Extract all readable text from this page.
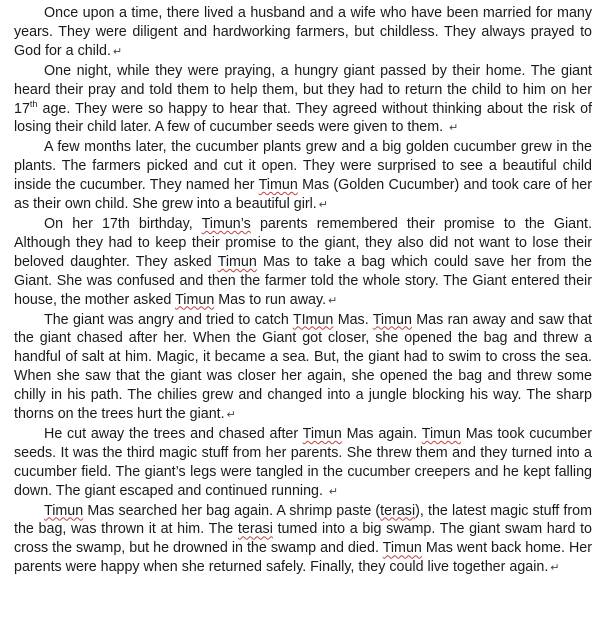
Once upon a time, there lived a husband and a wife who have been married for many years. They were diligent and hardworking farmers, but childless. They always prayed to God for a child. ↵

One night, while they were praying, a hungry giant passed by their home. The giant heard their pray and told them to help them, but they had to return the child to him on her 17th age. They were so happy to hear that. They agreed without thinking about the risk of losing their child later. A few of cucumber seeds were given to them. ↵

A few months later, the cucumber plants grew and a big golden cucumber grew in the plants. The farmers picked and cut it open. They were surprised to see a beautiful child inside the cucumber. They named her Timun Mas (Golden Cucumber) and took care of her as their own child. She grew into a beautiful girl. ↵

On her 17th birthday, Timun’s parents remembered their promise to the Giant. Although they had to keep their promise to the giant, they also did not want to lose their beloved daughter. They asked Timun Mas to take a bag which could save her from the Giant. She was confused and then the farmer told the whole story. The Giant entered their house, the mother asked Timun Mas to run away. ↵

The giant was angry and tried to catch TImun Mas. Timun Mas ran away and saw that the giant chased after her. When the Giant got closer, she opened the bag and threw a handful of salt at him. Magic, it became a sea. But, the giant had to swim to cross the sea. When she saw that the giant was closer her again, she opened the bag and threw some chilly in his path. The chilies grew and changed into a jungle blocking his way. The sharp thorns on the trees hurt the giant. ↵

He cut away the trees and chased after Timun Mas again. Timun Mas took cucumber seeds. It was the third magic stuff from her parents. She threw them and they turned into a cucumber field. The giant’s legs were tangled in the cucumber creepers and he kept falling down. The giant escaped and continued running. ↵

Timun Mas searched her bag again. A shrimp paste (terasi), the latest magic stuff from the bag, was thrown it at him. The terasi tumed into a big swamp. The giant swam hard to cross the swamp, but he drowned in the swamp and died. Timun Mas went back home. Her parents were happy when she returned safely. Finally, they could live together again. ↵
